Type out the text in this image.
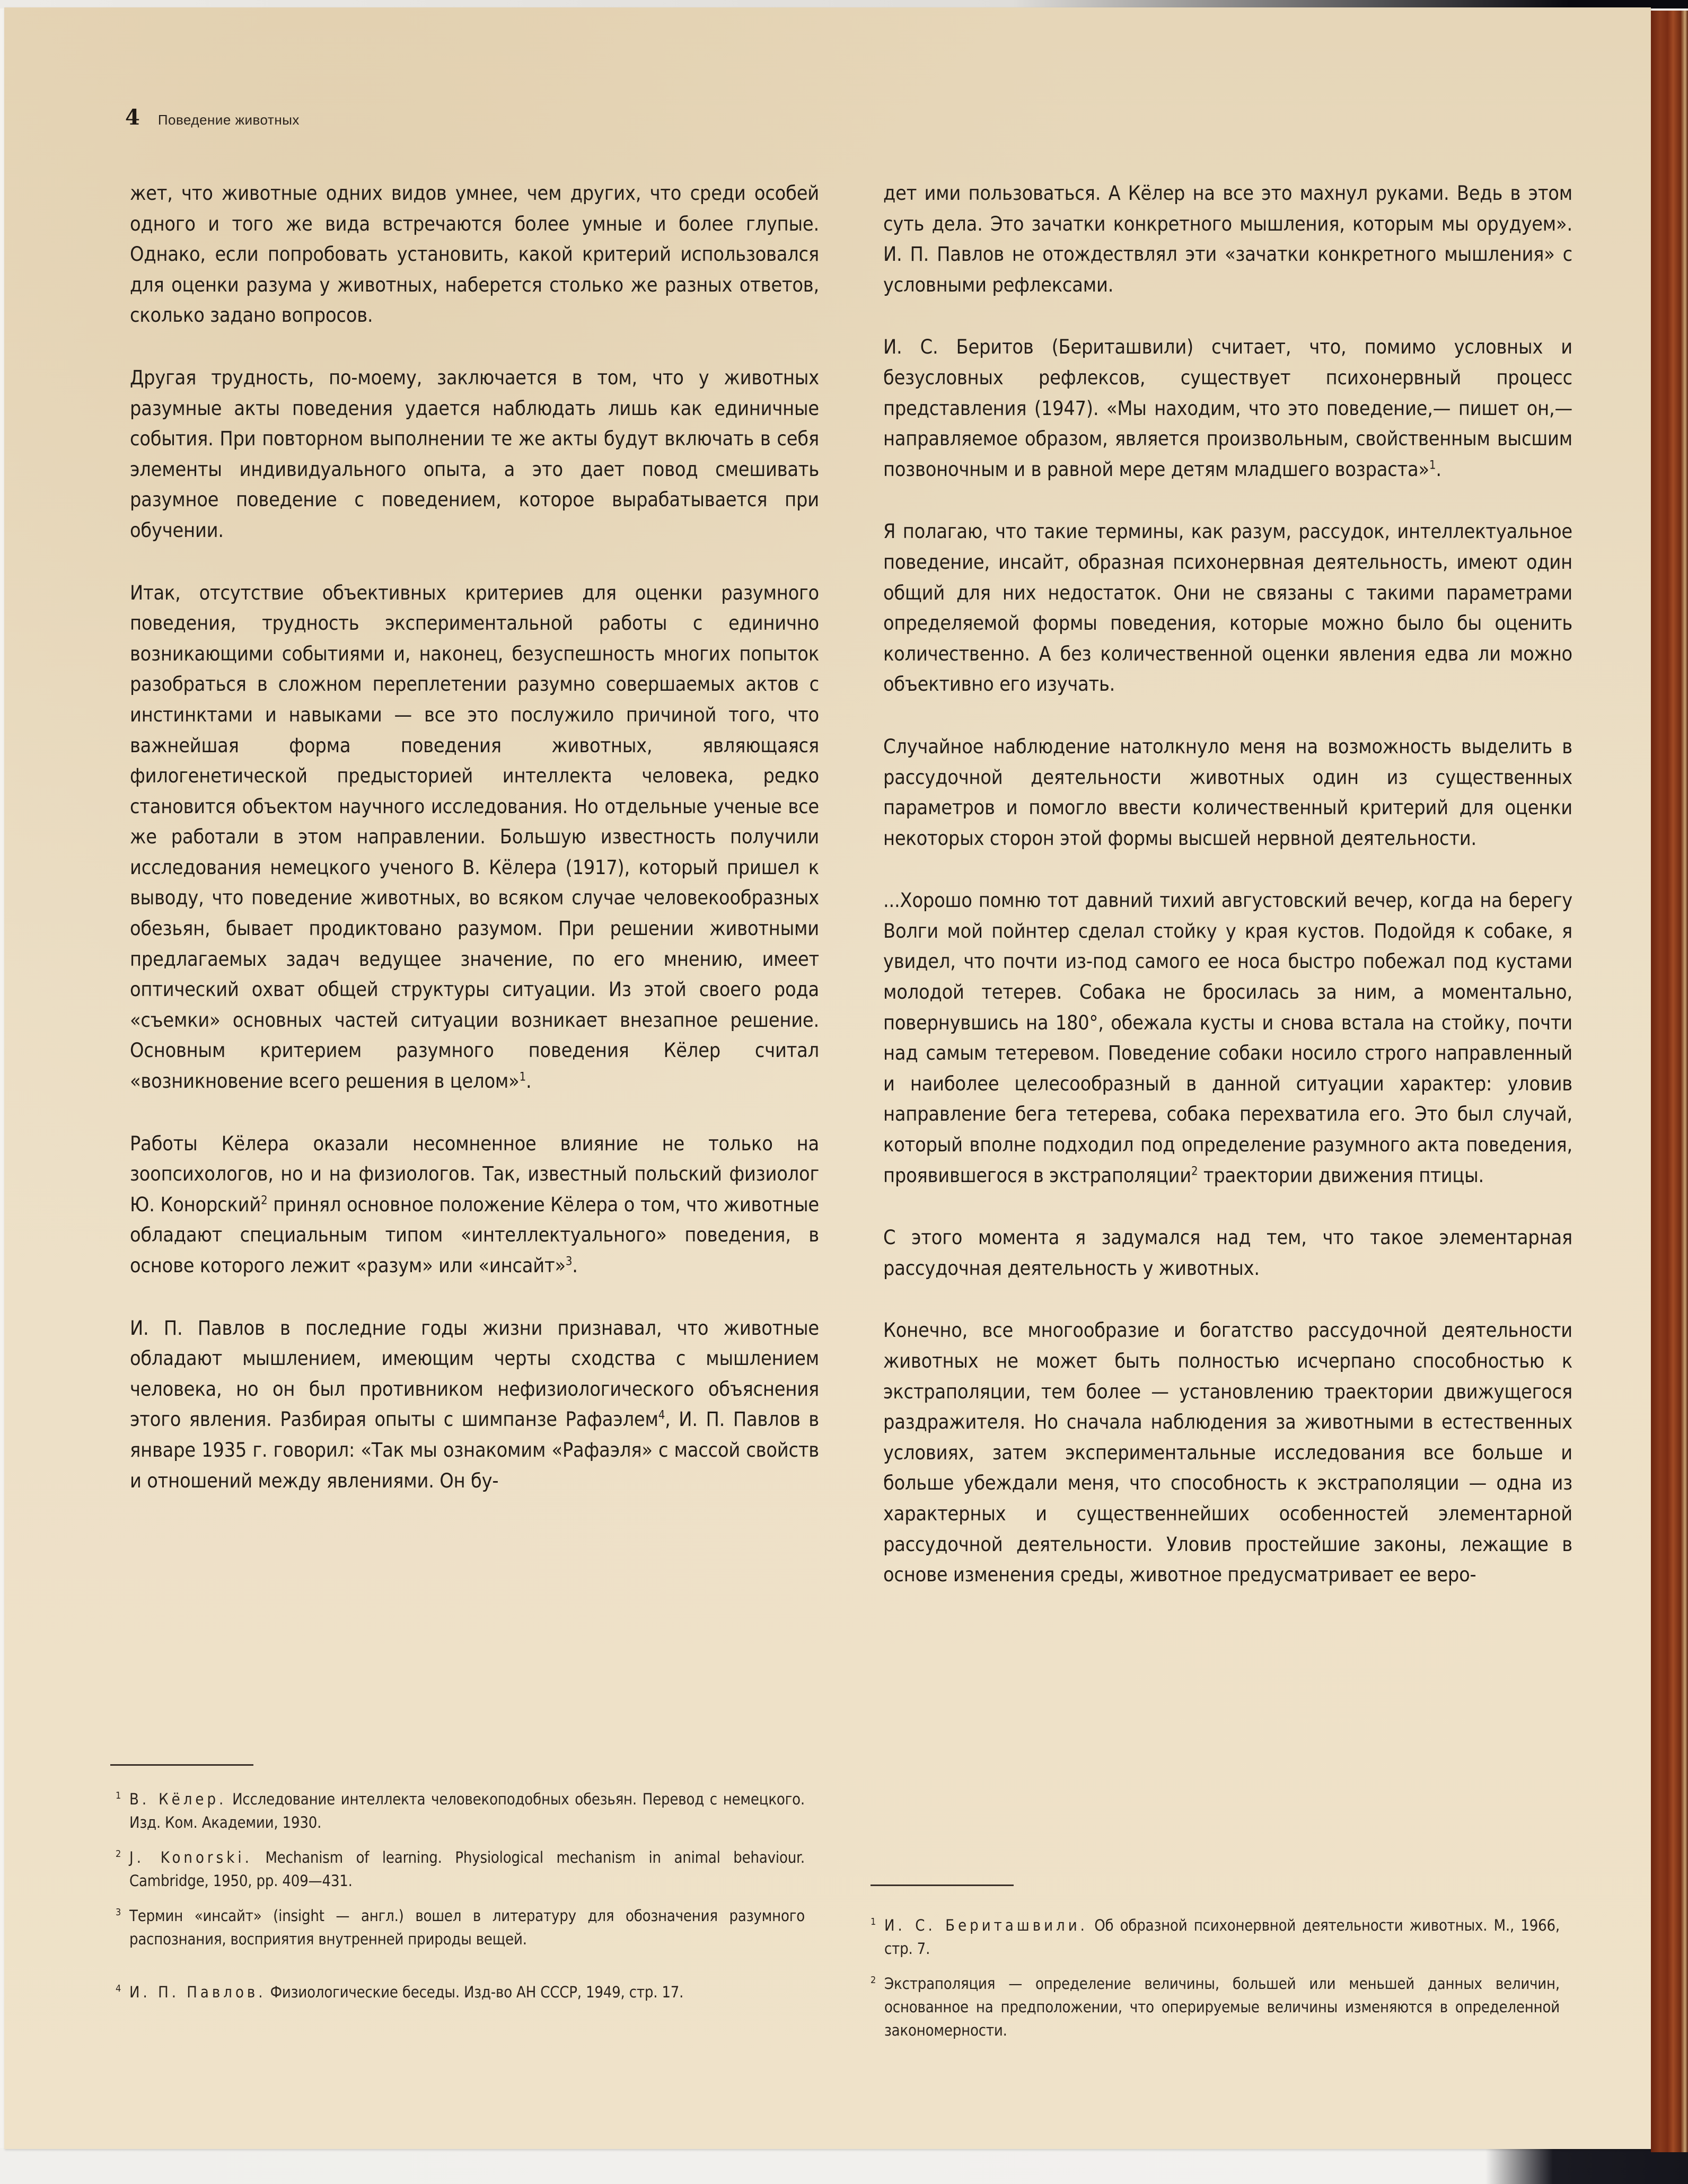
4 Поведение животных

жет, что животные одних видов умнее, чем других, что среди особей одного и того же вида встречаются более умные и более глупые. Однако, если попробовать установить, какой критерий использовался для оценки разума у животных, наберется столько же разных ответов, сколько задано вопросов.

Другая трудность, по-моему, заключается в том, что у животных разумные акты поведения удается наблюдать лишь как единичные события. При повторном выполнении те же акты будут включать в себя элементы индивидуального опыта, а это дает повод смешивать разумное поведение с поведением, которое вырабатывается при обучении.

Итак, отсутствие объективных критериев для оценки разумного поведения, трудность экспериментальной работы с единично возникающими событиями и, наконец, безуспешность многих попыток разобраться в сложном переплетении разумно совершаемых актов с инстинктами и навыками — все это послужило причиной того, что важнейшая форма поведения животных, являющаяся филогенетической предысторией интеллекта человека, редко становится объектом научного исследования. Но отдельные ученые все же работали в этом направлении. Большую известность получили исследования немецкого ученого В. Кёлера (1917), который пришел к выводу, что поведение животных, во всяком случае человекообразных обезьян, бывает продиктовано разумом. При решении животными предлагаемых задач ведущее значение, по его мнению, имеет оптический охват общей структуры ситуации. Из этой своего рода «съемки» основных частей ситуации возникает внезапное решение. Основным критерием разумного поведения Кёлер считал «возникновение всего решения в целом»$^1$.

Работы Кёлера оказали несомненное влияние не только на зоопсихологов, но и на физиологов. Так, известный польский физиолог Ю. Конорский$^2$ принял основное положение Кёлера о том, что животные обладают специальным типом «интеллектуального» поведения, в основе которого лежит «разум» или «инсайт»$^3$.

И. П. Павлов в последние годы жизни признавал, что животные обладают мышлением, имеющим черты сходства с мышлением человека, но он был противником нефизиологического объяснения этого явления. Разбирая опыты с шимпанзе Рафаэлем$^4$, И. П. Павлов в январе 1935 г. говорил: «Так мы ознакомим «Рафаэля» с массой свойств и отношений между явлениями. Он бу-

1 В. Кёлер. Исследование интеллекта человекоподобных обезьян. Перевод с немецкого. Изд. Ком. Академии, 1930.

2 J. Konorski. Mechanism of learning. Physiological mechanism in animal behaviour. Cambridge, 1950, pp. 409—431.

3 Термин «инсайт» (insight — англ.) вошел в литературу для обозначения разумного распознания, восприятия внутренней природы вещей.

4 И. П. Павлов. Физиологические беседы. Изд-во АН СССР, 1949, стр. 17.

дет ими пользоваться. А Кёлер на все это махнул руками. Ведь в этом суть дела. Это зачатки конкретного мышления, которым мы орудуем». И. П. Павлов не отождествлял эти «зачатки конкретного мышления» с условными рефлексами.

И. С. Беритов (Бериташвили) считает, что, помимо условных и безусловных рефлексов, существует психонервный процесс представления (1947). «Мы находим, что это поведение,— пишет он,— направляемое образом, является произвольным, свойственным высшим позвоночным и в равной мере детям младшего возраста»$^1$.

Я полагаю, что такие термины, как разум, рассудок, интеллектуальное поведение, инсайт, образная психонервная деятельность, имеют один общий для них недостаток. Они не связаны с такими параметрами определяемой формы поведения, которые можно было бы оценить количественно. А без количественной оценки явления едва ли можно объективно его изучать.

Случайное наблюдение натолкнуло меня на возможность выделить в рассудочной деятельности животных один из существенных параметров и помогло ввести количественный критерий для оценки некоторых сторон этой формы высшей нервной деятельности.

...Хорошо помню тот давний тихий августовский вечер, когда на берегу Волги мой пойнтер сделал стойку у края кустов. Подойдя к собаке, я увидел, что почти из-под самого ее носа быстро побежал под кустами молодой тетерев. Собака не бросилась за ним, а моментально, повернувшись на 180°, обежала кусты и снова встала на стойку, почти над самым тетеревом. Поведение собаки носило строго направленный и наиболее целесообразный в данной ситуации характер: уловив направление бега тетерева, собака перехватила его. Это был случай, который вполне подходил под определение разумного акта поведения, проявившегося в экстраполяции$^2$ траектории движения птицы.

С этого момента я задумался над тем, что такое элементарная рассудочная деятельность у животных.

Конечно, все многообразие и богатство рассудочной деятельности животных не может быть полностью исчерпано способностью к экстраполяции, тем более — установлению траектории движущегося раздражителя. Но сначала наблюдения за животными в естественных условиях, затем экспериментальные исследования все больше и больше убеждали меня, что способность к экстраполяции — одна из характерных и существеннейших особенностей элементарной рассудочной деятельности. Уловив простейшие законы, лежащие в основе изменения среды, животное предусматривает ее веро-

1 И. С. Бериташвили. Об образной психонервной деятельности животных. М., 1966, стр. 7.

2 Экстраполяция — определение величины, большей или меньшей данных величин, основанное на предположении, что оперируемые величины изменяются в определенной закономерности.
